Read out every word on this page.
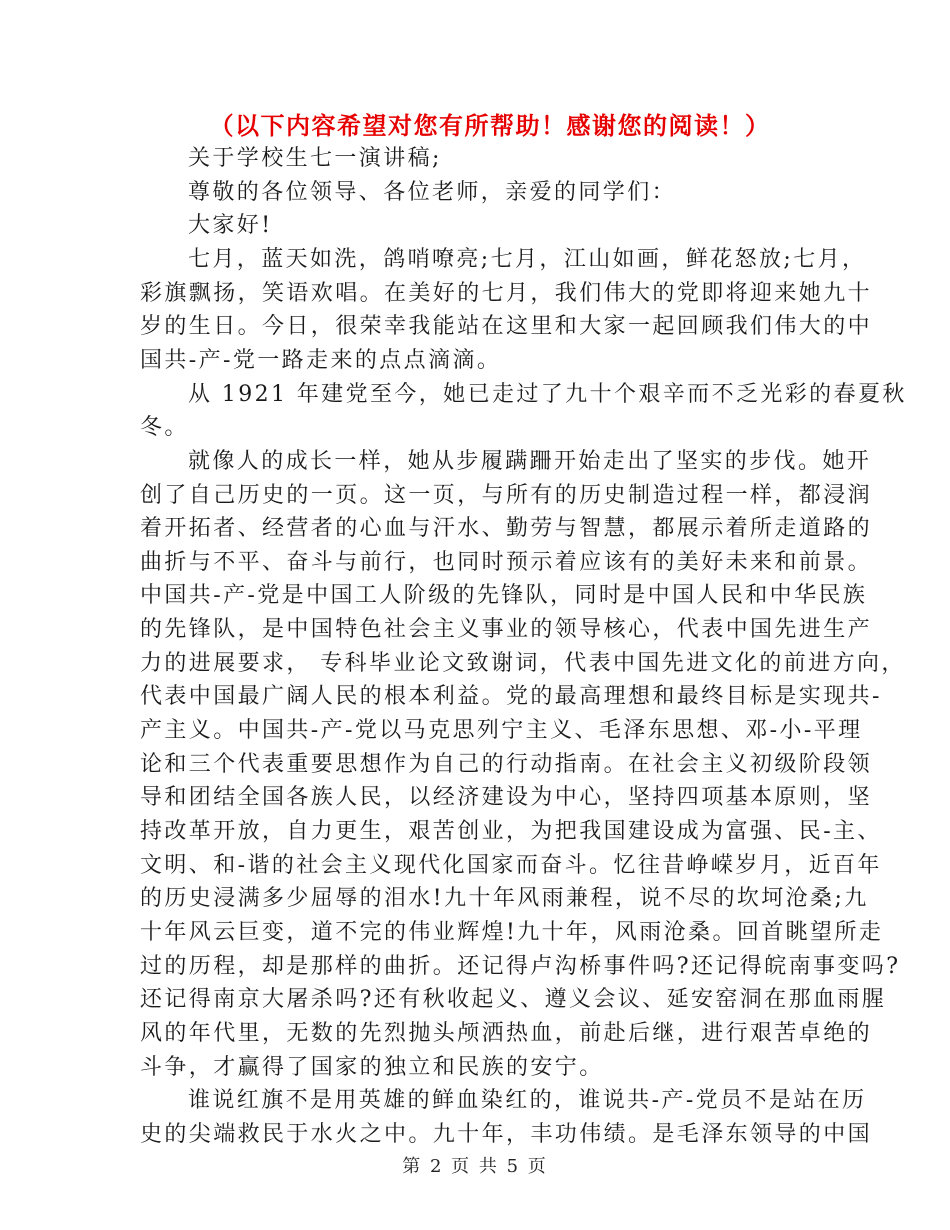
（以下内容希望对您有所帮助！感谢您的阅读！）
关于学校生七一演讲稿;
尊敬的各位领导、各位老师，亲爱的同学们：
大家好!
七月，蓝天如洗，鸽哨嘹亮;七月，江山如画，鲜花怒放;七月，
彩旗飘扬，笑语欢唱。在美好的七月，我们伟大的党即将迎来她九十
岁的生日。今日，很荣幸我能站在这里和大家一起回顾我们伟大的中
国共-产-党一路走来的点点滴滴。
从 1921 年建党至今，她已走过了九十个艰辛而不乏光彩的春夏秋
冬。
就像人的成长一样，她从步履蹒跚开始走出了坚实的步伐。她开
创了自己历史的一页。这一页，与所有的历史制造过程一样，都浸润
着开拓者、经营者的心血与汗水、勤劳与智慧，都展示着所走道路的
曲折与不平、奋斗与前行，也同时预示着应该有的美好未来和前景。
中国共-产-党是中国工人阶级的先锋队，同时是中国人民和中华民族
的先锋队，是中国特色社会主义事业的领导核心，代表中国先进生产
力的进展要求， 专科毕业论文致谢词，代表中国先进文化的前进方向，
代表中国最广阔人民的根本利益。党的最高理想和最终目标是实现共-
产主义。中国共-产-党以马克思列宁主义、毛泽东思想、邓-小-平理
论和三个代表重要思想作为自己的行动指南。在社会主义初级阶段领
导和团结全国各族人民，以经济建设为中心，坚持四项基本原则，坚
持改革开放，自力更生，艰苦创业，为把我国建设成为富强、民-主、
文明、和-谐的社会主义现代化国家而奋斗。忆往昔峥嵘岁月，近百年
的历史浸满多少屈辱的泪水!九十年风雨兼程，说不尽的坎坷沧桑;九
十年风云巨变，道不完的伟业辉煌!九十年，风雨沧桑。回首眺望所走
过的历程，却是那样的曲折。还记得卢沟桥事件吗?还记得皖南事变吗?
还记得南京大屠杀吗?还有秋收起义、遵义会议、延安窑洞在那血雨腥
风的年代里，无数的先烈抛头颅洒热血，前赴后继，进行艰苦卓绝的
斗争，才赢得了国家的独立和民族的安宁。
谁说红旗不是用英雄的鲜血染红的，谁说共-产-党员不是站在历
史的尖端救民于水火之中。九十年，丰功伟绩。是毛泽东领导的中国
第 2 页 共 5 页
